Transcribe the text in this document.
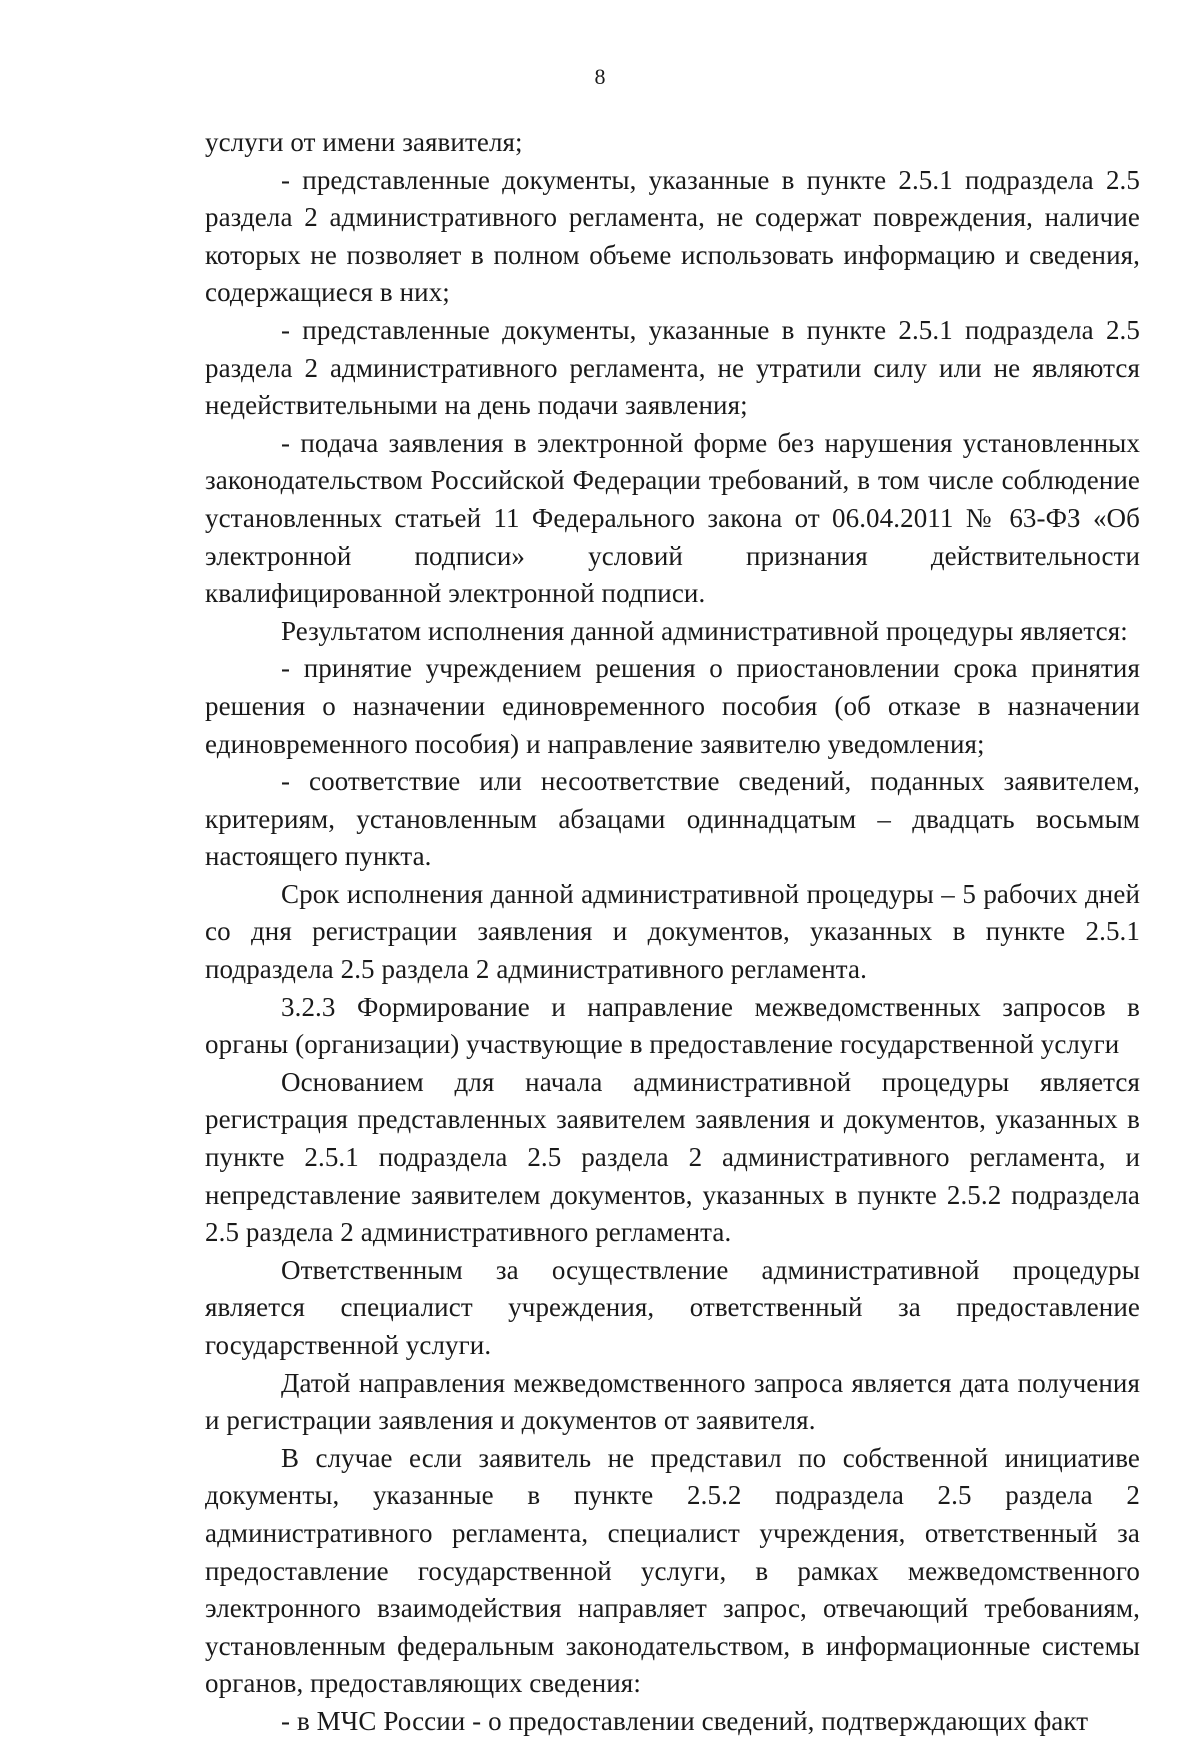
8

услуги от имени заявителя;

- представленные документы, указанные в пункте 2.5.1 подраздела 2.5 раздела 2 административного регламента, не содержат повреждения, наличие которых не позволяет в полном объеме использовать информацию и сведения, содержащиеся в них;

- представленные документы, указанные в пункте 2.5.1 подраздела 2.5 раздела 2 административного регламента, не утратили силу или не являются недействительными на день подачи заявления;

- подача заявления в электронной форме без нарушения установленных законодательством Российской Федерации требований, в том числе соблюдение установленных статьей 11 Федерального закона от 06.04.2011 № 63-ФЗ «Об электронной подписи» условий признания действительности квалифицированной электронной подписи.

Результатом исполнения данной административной процедуры является:

- принятие учреждением решения о приостановлении срока принятия решения о назначении единовременного пособия (об отказе в назначении единовременного пособия) и направление заявителю уведомления;

- соответствие или несоответствие сведений, поданных заявителем, критериям, установленным абзацами одиннадцатым – двадцать восьмым настоящего пункта.

Срок исполнения данной административной процедуры – 5 рабочих дней со дня регистрации заявления и документов, указанных в пункте 2.5.1 подраздела 2.5 раздела 2 административного регламента.

3.2.3 Формирование и направление межведомственных запросов в органы (организации) участвующие в предоставление государственной услуги

Основанием для начала административной процедуры является регистрация представленных заявителем заявления и документов, указанных в пункте 2.5.1 подраздела 2.5 раздела 2 административного регламента, и непредставление заявителем документов, указанных в пункте 2.5.2 подраздела 2.5 раздела 2 административного регламента.

Ответственным за осуществление административной процедуры является специалист учреждения, ответственный за предоставление государственной услуги.

Датой направления межведомственного запроса является дата получения и регистрации заявления и документов от заявителя.

В случае если заявитель не представил по собственной инициативе документы, указанные в пункте 2.5.2 подраздела 2.5 раздела 2 административного регламента, специалист учреждения, ответственный за предоставление государственной услуги, в рамках межведомственного электронного взаимодействия направляет запрос, отвечающий требованиям, установленным федеральным законодательством, в информационные системы органов, предоставляющих сведения:

- в МЧС России - о предоставлении сведений, подтверждающих факт
